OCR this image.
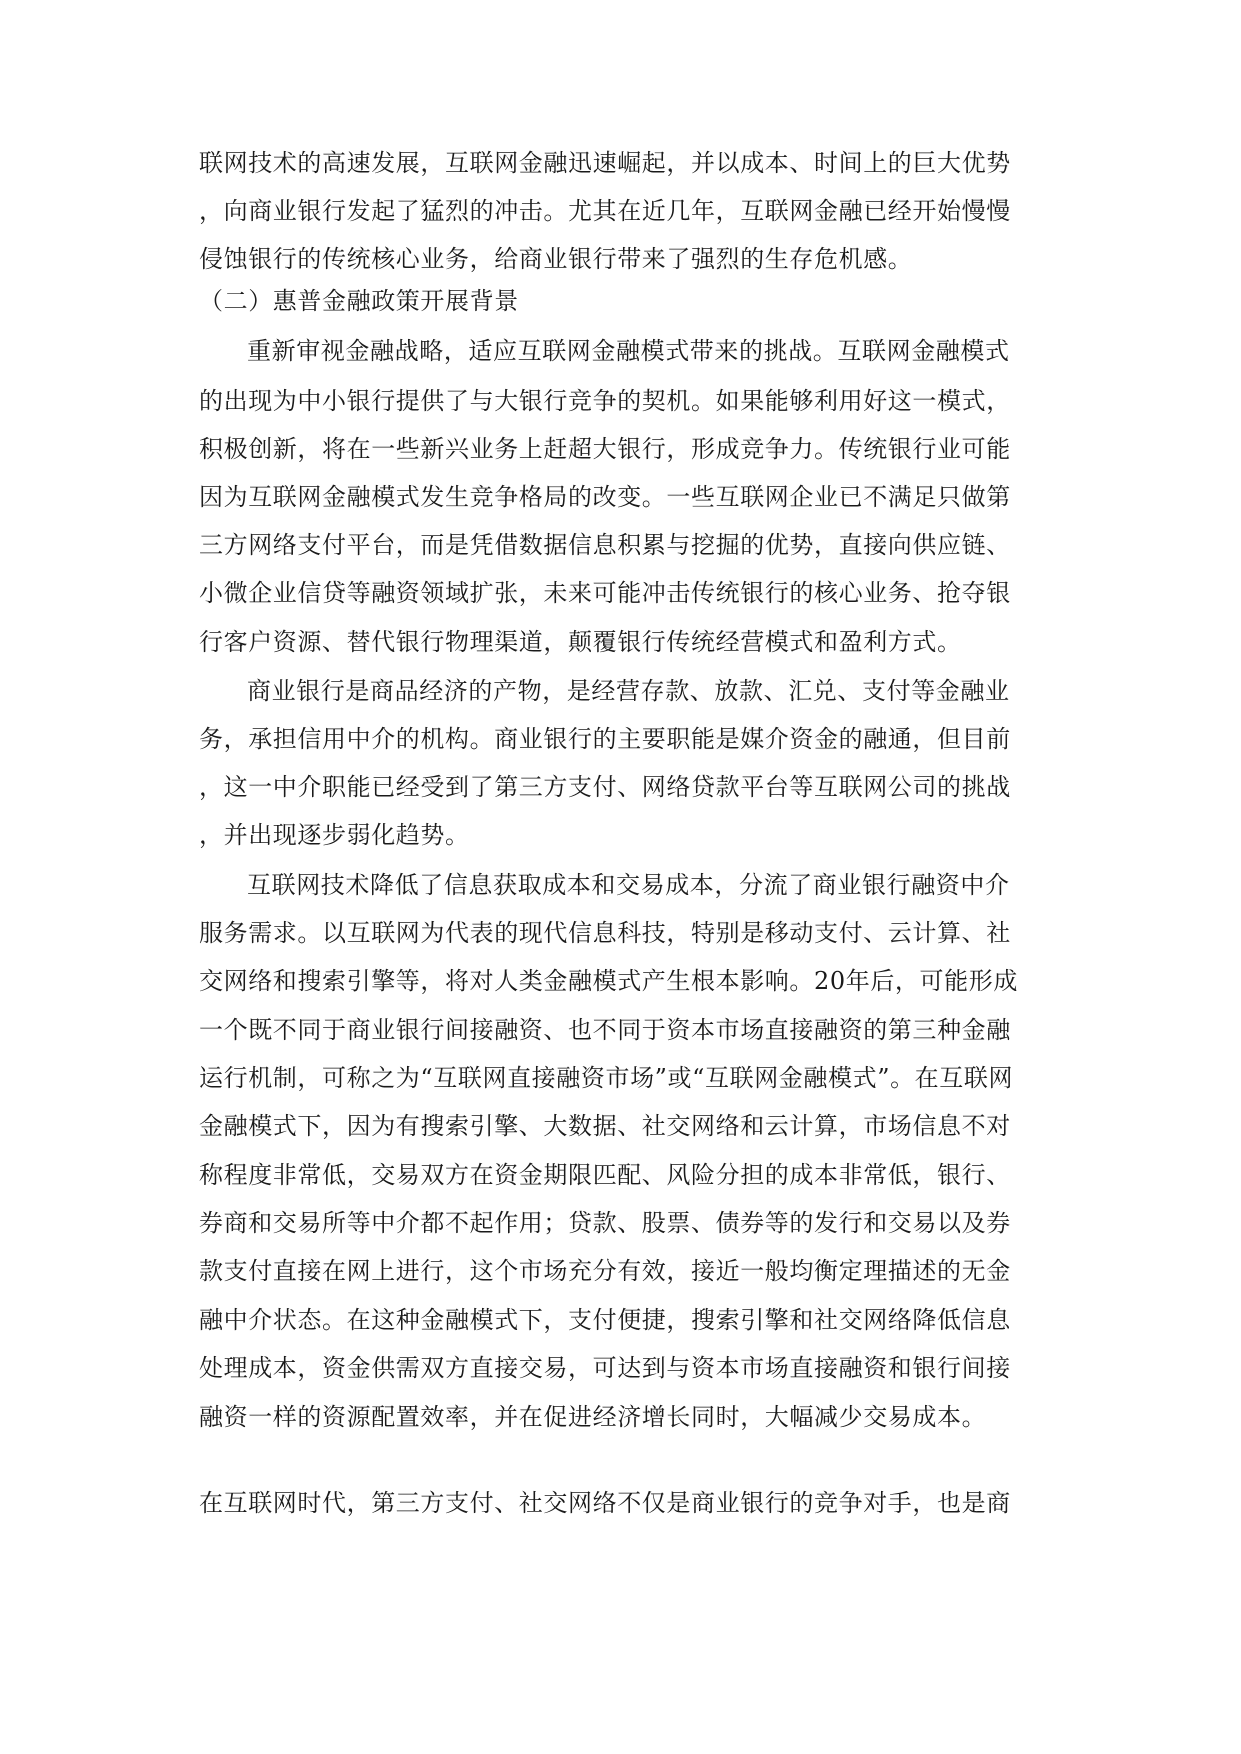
联网技术的高速发展，互联网金融迅速崛起，并以成本、时间上的巨大优势
，向商业银行发起了猛烈的冲击。尤其在近几年，互联网金融已经开始慢慢
侵蚀银行的传统核心业务，给商业银行带来了强烈的生存危机感。
（二）惠普金融政策开展背景
重新审视金融战略，适应互联网金融模式带来的挑战。互联网金融模式
的出现为中小银行提供了与大银行竞争的契机。如果能够利用好这一模式，
积极创新，将在一些新兴业务上赶超大银行，形成竞争力。传统银行业可能
因为互联网金融模式发生竞争格局的改变。一些互联网企业已不满足只做第
三方网络支付平台，而是凭借数据信息积累与挖掘的优势，直接向供应链、
小微企业信贷等融资领域扩张，未来可能冲击传统银行的核心业务、抢夺银
行客户资源、替代银行物理渠道，颠覆银行传统经营模式和盈利方式。
商业银行是商品经济的产物，是经营存款、放款、汇兑、支付等金融业
务，承担信用中介的机构。商业银行的主要职能是媒介资金的融通，但目前
，这一中介职能已经受到了第三方支付、网络贷款平台等互联网公司的挑战
，并出现逐步弱化趋势。
互联网技术降低了信息获取成本和交易成本，分流了商业银行融资中介
服务需求。以互联网为代表的现代信息科技，特别是移动支付、云计算、社
交网络和搜索引擎等，将对人类金融模式产生根本影响。20年后，可能形成
一个既不同于商业银行间接融资、也不同于资本市场直接融资的第三种金融
运行机制，可称之为“互联网直接融资市场”或“互联网金融模式”。在互联网
金融模式下，因为有搜索引擎、大数据、社交网络和云计算，市场信息不对
称程度非常低，交易双方在资金期限匹配、风险分担的成本非常低，银行、
券商和交易所等中介都不起作用；贷款、股票、债券等的发行和交易以及券
款支付直接在网上进行，这个市场充分有效，接近一般均衡定理描述的无金
融中介状态。在这种金融模式下，支付便捷，搜索引擎和社交网络降低信息
处理成本，资金供需双方直接交易，可达到与资本市场直接融资和银行间接
融资一样的资源配置效率，并在促进经济增长同时，大幅减少交易成本。
在互联网时代，第三方支付、社交网络不仅是商业银行的竞争对手，也是商
